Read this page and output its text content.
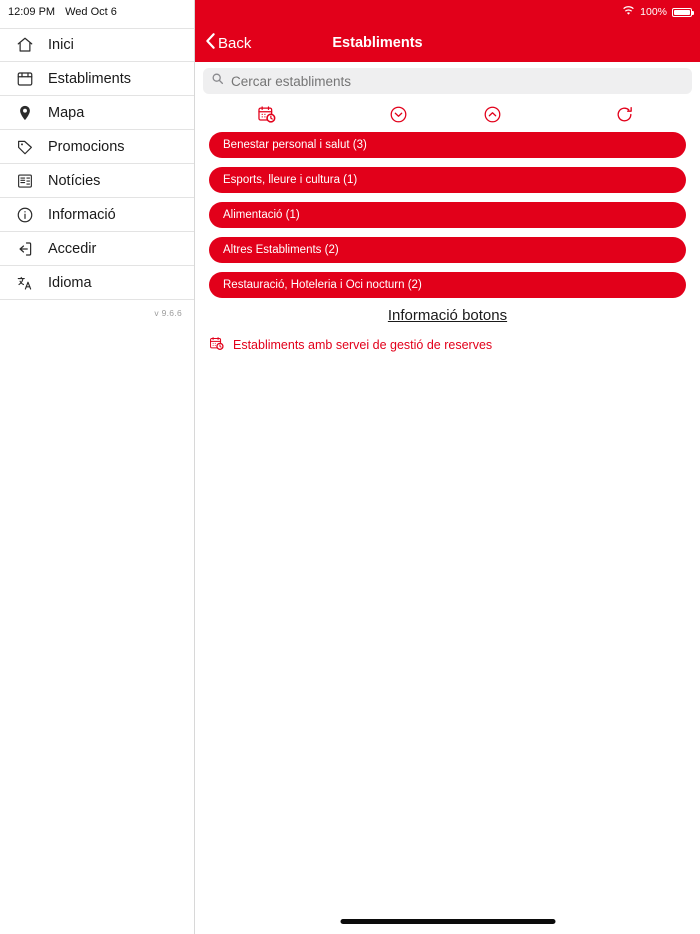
12:09 PM Wed Oct 6
Inici
Establiments
Mapa
Promocions
Notícies
Informació
Accedir
Idioma
v 9.6.6
100%
Back	Establiments
Cercar establiments
Benestar personal i salut (3)
Esports, lleure i cultura (1)
Alimentació (1)
Altres Establiments (2)
Restauració, Hoteleria i Oci nocturn (2)
Informació botons
Establiments amb servei de gestió de reserves
